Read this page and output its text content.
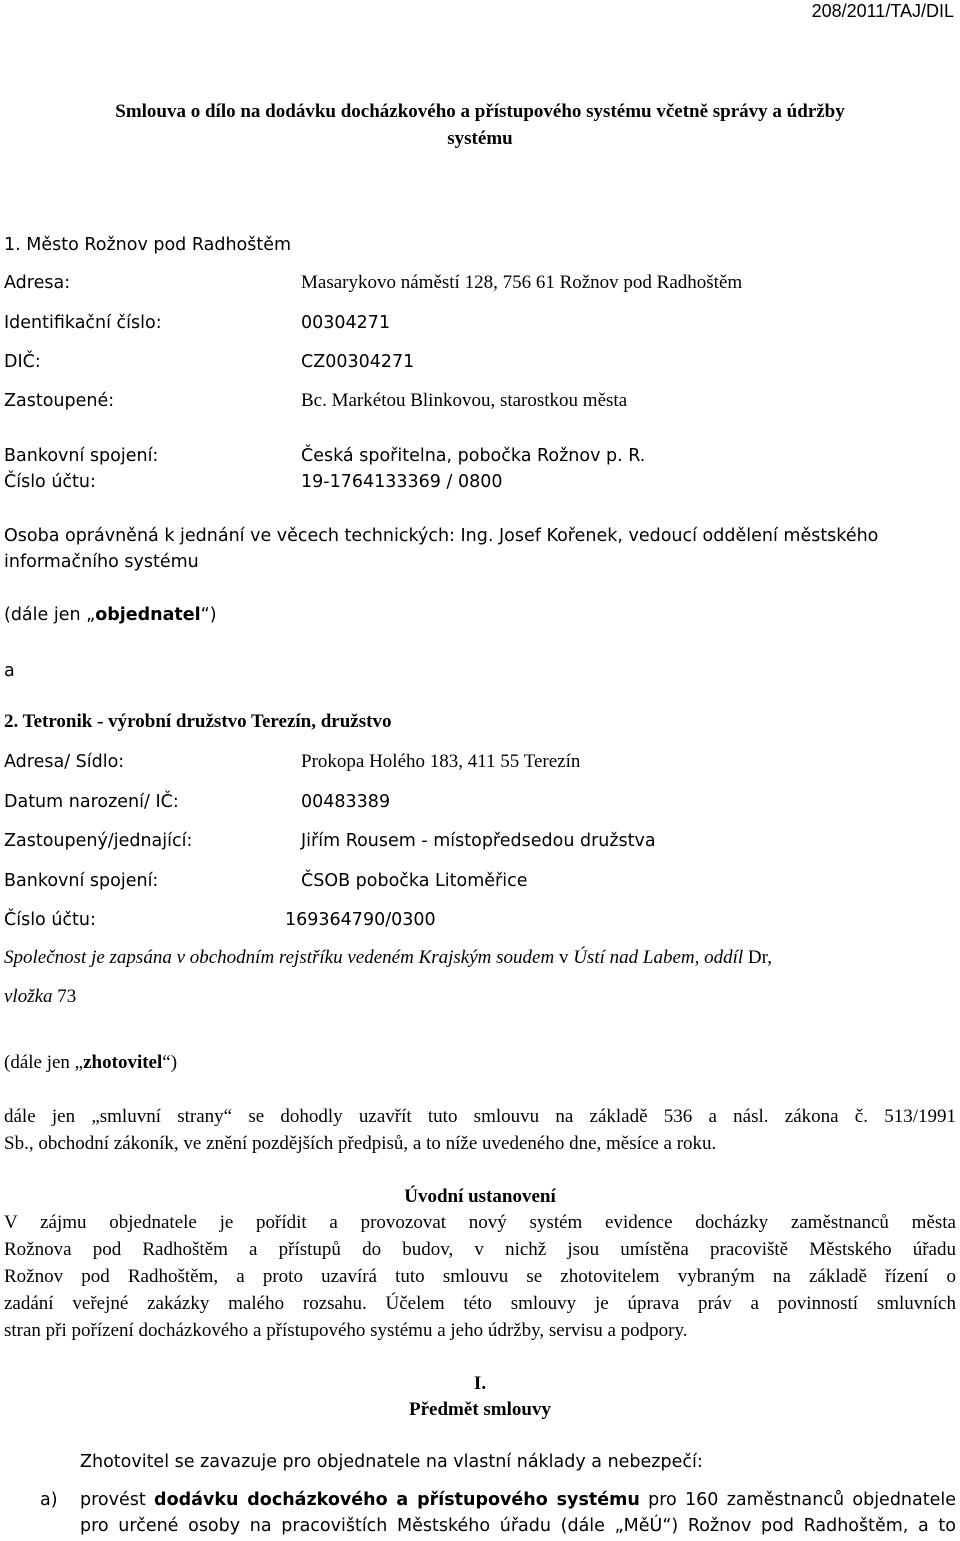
208/2011/TAJ/DIL
Smlouva o dílo na dodávku docházkového a přístupového systému včetně správy a údržby
systému
1. Město Rožnov pod Radhoštěm
Adresa:	Masarykovo náměstí 128, 756 61 Rožnov pod Radhoštěm
Identifikační číslo:	00304271
DIČ:	CZ00304271
Zastoupené:	Bc. Markétou Blinkovou, starostkou města
Bankovní spojení:	Česká spořitelna, pobočka Rožnov p. R.
Číslo účtu:	19-1764133369 / 0800
Osoba oprávněná k jednání ve věcech technických: Ing. Josef Kořenek, vedoucí oddělení městského
informačního systému
(dále jen „objednatel“)
a
2. Tetronik - výrobní družstvo Terezín, družstvo
Adresa/ Sídlo:	Prokopa Holého 183, 411 55 Terezín
Datum narození/ IČ:	00483389
Zastoupený/jednající:	Jiřím Rousem - místopředsedou družstva
Bankovní spojení:	ČSOB pobočka Litoměřice
Číslo účtu:	169364790/0300
Společnost je zapsána v obchodním rejstříku vedeném Krajským soudem v Ústí nad Labem, oddíl Dr,
vložka 73
(dále jen „zhotovitel“)
dále jen „smluvní strany“ se dohodly uzavřít tuto smlouvu na základě 536 a násl. zákona č. 513/1991
Sb., obchodní zákoník, ve znění pozdějších předpisů, a to níže uvedeného dne, měsíce a roku.
Úvodní ustanovení
V zájmu objednatele je pořídit a provozovat nový systém evidence docházky zaměstnanců města
Rožnova pod Radhoštěm a přístupů do budov, v nichž jsou umístěna pracoviště Městského úřadu
Rožnov pod Radhoštěm, a proto uzavírá tuto smlouvu se zhotovitelem vybraným na základě řízení o
zadání veřejné zakázky malého rozsahu. Účelem této smlouvy je úprava práv a povinností smluvních
stran při pořízení docházkového a přístupového systému a jeho údržby, servisu a podpory.
I.
Předmět smlouvy
Zhotovitel se zavazuje pro objednatele na vlastní náklady a nebezpečí:
a) provést dodávku docházkového a přístupového systému pro 160 zaměstnanců objednatele
pro určené osoby na pracovištích Městského úřadu (dále „MěÚ“) Rožnov pod Radhoštěm, a to
